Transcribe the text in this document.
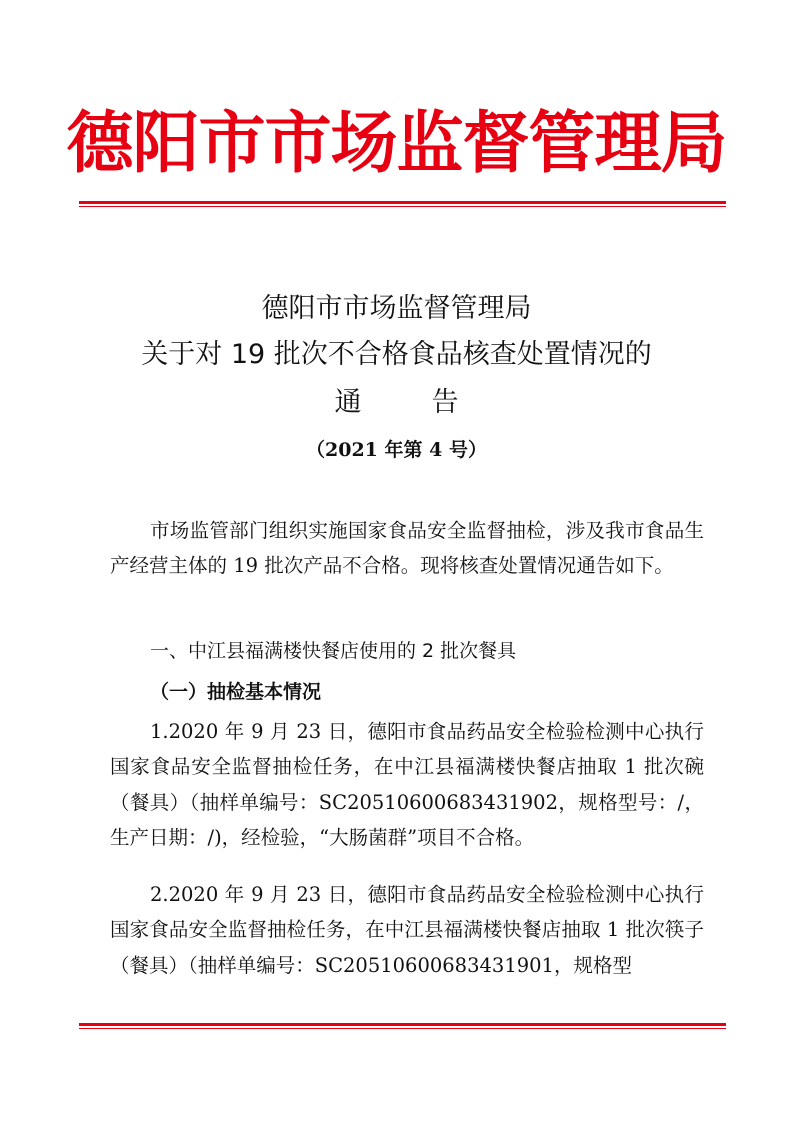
德阳市市场监督管理局
德阳市市场监督管理局
关于对 19 批次不合格食品核查处置情况的
通	告
（2021 年第 4 号）
市场监管部门组织实施国家食品安全监督抽检，涉及我市食品生产经营主体的 19 批次产品不合格。现将核查处置情况通告如下。
一、中江县福满楼快餐店使用的 2 批次餐具
（一）抽检基本情况
1.2020 年 9 月 23 日，德阳市食品药品安全检验检测中心执行国家食品安全监督抽检任务，在中江县福满楼快餐店抽取 1 批次碗（餐具）（抽样单编号：SC20510600683431902，规格型号：/，生产日期：/)，经检验，“大肠菌群”项目不合格。
2.2020 年 9 月 23 日，德阳市食品药品安全检验检测中心执行国家食品安全监督抽检任务，在中江县福满楼快餐店抽取 1 批次筷子（餐具）（抽样单编号：SC20510600683431901，规格型
